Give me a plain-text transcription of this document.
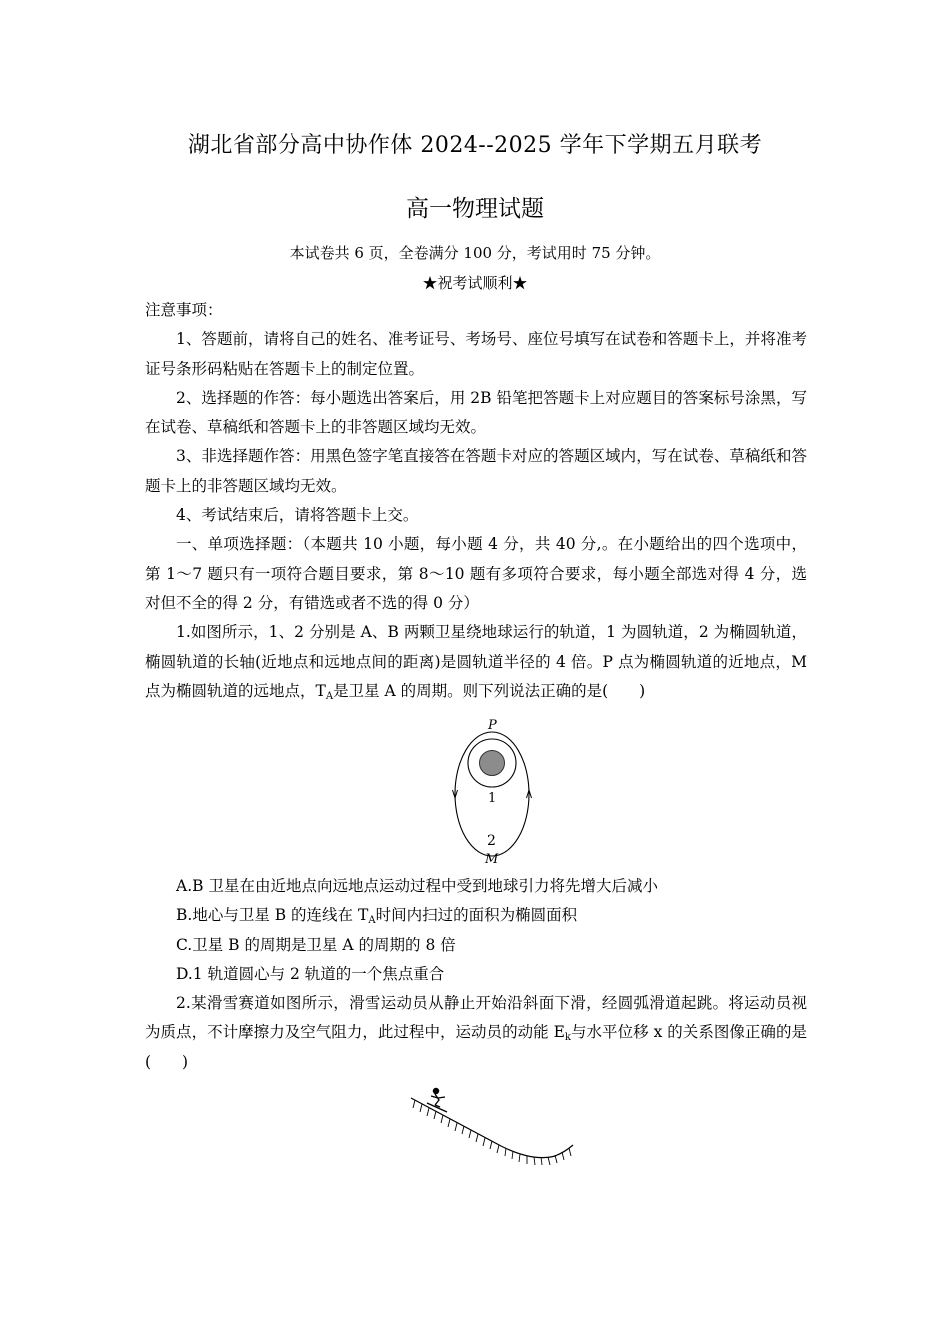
湖北省部分高中协作体 2024--2025 学年下学期五月联考
高一物理试题
本试卷共 6 页，全卷满分 100 分，考试用时 75 分钟。
★祝考试顺利★

注意事项：

1、答题前，请将自己的姓名、准考证号、考场号、座位号填写在试卷和答题卡上，并将准考证号条形码粘贴在答题卡上的制定位置。

2、选择题的作答：每小题选出答案后，用 2B 铅笔把答题卡上对应题目的答案标号涂黑，写在试卷、草稿纸和答题卡上的非答题区域均无效。

3、非选择题作答：用黑色签字笔直接答在答题卡对应的答题区域内，写在试卷、草稿纸和答题卡上的非答题区域均无效。

4、考试结束后，请将答题卡上交。

一、单项选择题：（本题共 10 小题，每小题 4 分，共 40 分,。在小题给出的四个选项中，第 1～7 题只有一项符合题目要求，第 8～10 题有多项符合要求，每小题全部选对得 4 分，选对但不全的得 2 分，有错选或者不选的得 0 分）

1.如图所示，1、2 分别是 A、B 两颗卫星绕地球运行的轨道，1 为圆轨道，2 为椭圆轨道，椭圆轨道的长轴(近地点和远地点间的距离)是圆轨道半径的 4 倍。P 点为椭圆轨道的近地点，M 点为椭圆轨道的远地点，$T_A$是卫星 A 的周期。则下列说法正确的是(　　)

P
1
2
M

A.B 卫星在由近地点向远地点运动过程中受到地球引力将先增大后减小

B.地心与卫星 B 的连线在 $T_A$时间内扫过的面积为椭圆面积

C.卫星 B 的周期是卫星 A 的周期的 8 倍

D.1 轨道圆心与 2 轨道的一个焦点重合

2.某滑雪赛道如图所示，滑雪运动员从静止开始沿斜面下滑，经圆弧滑道起跳。将运动员视为质点，不计摩擦力及空气阻力，此过程中，运动员的动能 $E_k$与水平位移 x 的关系图像正确的是(　　)
